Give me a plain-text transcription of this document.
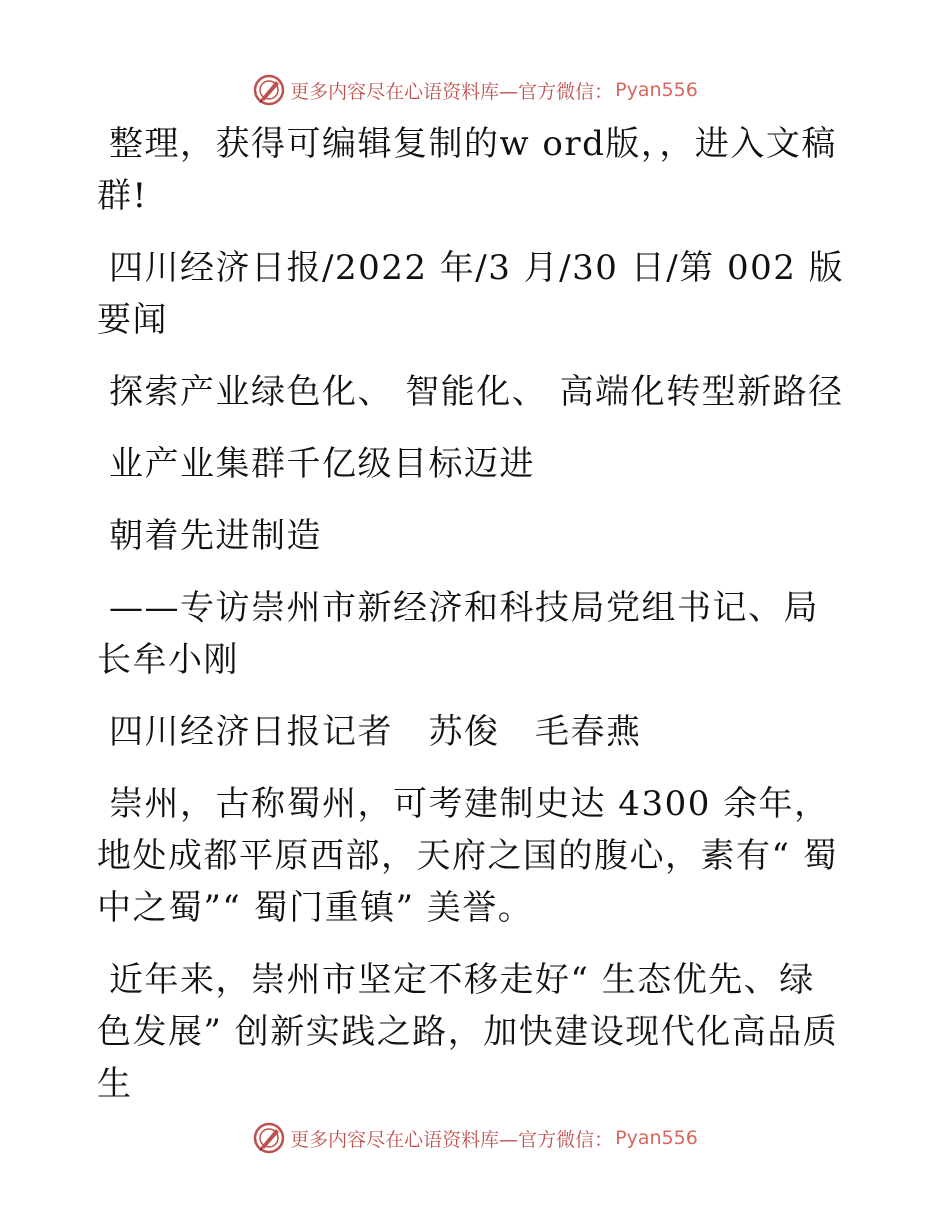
更多内容尽在心语资料库—官方微信： Pyan556

整理，获得可编辑复制的w ord版，，进入文稿群!

四川经济日报/2022 年/3 月/30 日/第 002 版要闻

探索产业绿色化、 智能化、 高端化转型新路径

业产业集群千亿级目标迈进

朝着先进制造

——专访崇州市新经济和科技局党组书记、局长牟小刚

四川经济日报记者　苏俊　毛春燕

崇州，古称蜀州，可考建制史达 4300 余年，地处成都平原西部，天府之国的腹心，素有“ 蜀中之蜀”“ 蜀门重镇” 美誉。

近年来，崇州市坚定不移走好“ 生态优先、绿色发展” 创新实践之路，加快建设现代化高品质生

更多内容尽在心语资料库—官方微信： Pyan556
